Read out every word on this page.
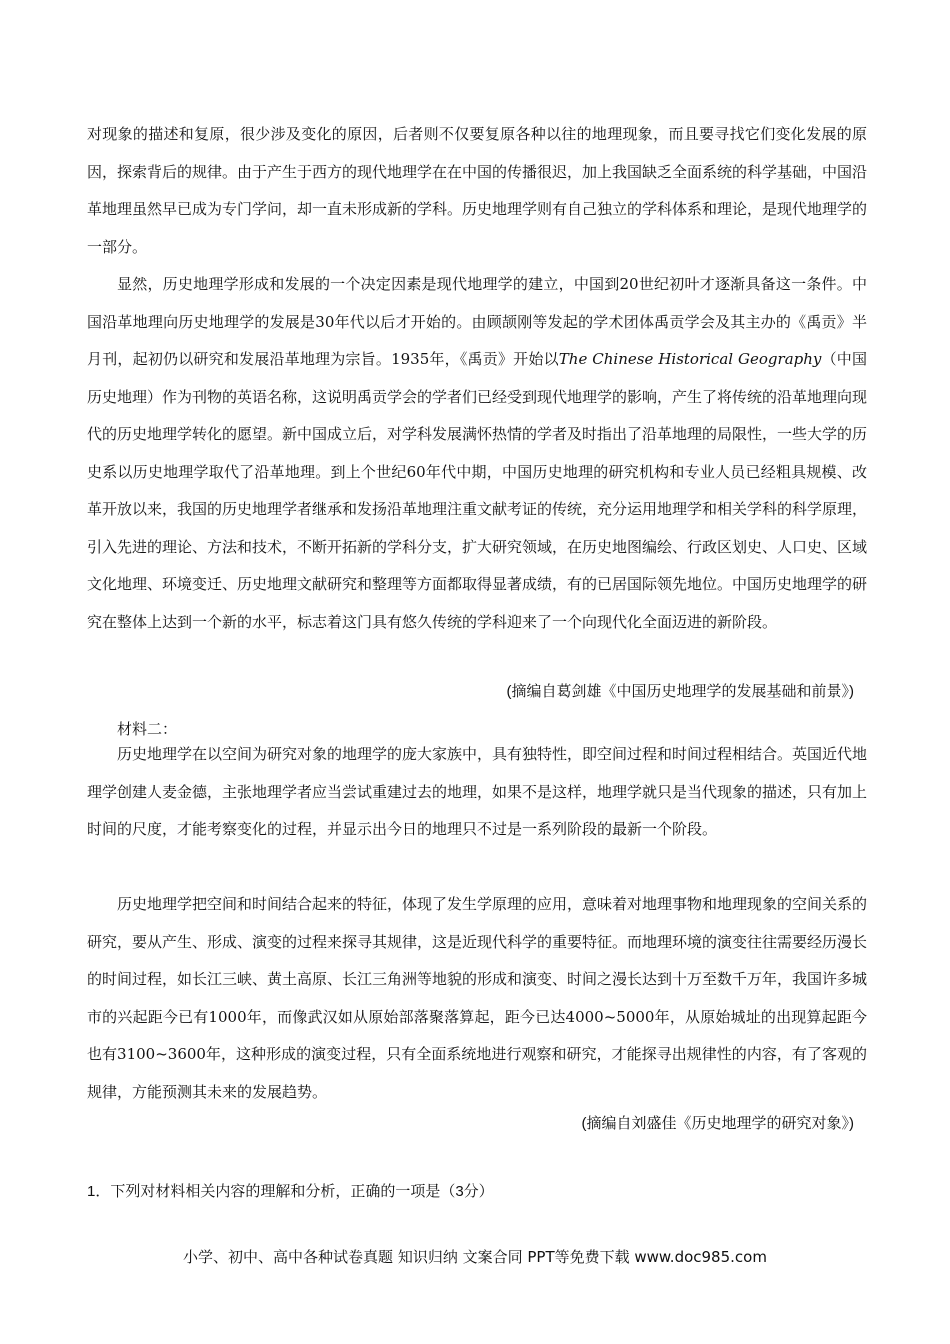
对现象的描述和复原，很少涉及变化的原因，后者则不仅要复原各种以往的地理现象，而且要寻找它们变化发展的原因，探索背后的规律。由于产生于西方的现代地理学在在中国的传播很迟，加上我国缺乏全面系统的科学基础，中国沿革地理虽然早已成为专门学问，却一直未形成新的学科。历史地理学则有自己独立的学科体系和理论，是现代地理学的一部分。

显然，历史地理学形成和发展的一个决定因素是现代地理学的建立，中国到20世纪初叶才逐渐具备这一条件。中国沿革地理向历史地理学的发展是30年代以后才开始的。由顾颉刚等发起的学术团体禹贡学会及其主办的《禹贡》半月刊，起初仍以研究和发展沿革地理为宗旨。1935年，《禹贡》开始以The Chinese Historical Geography（中国历史地理）作为刊物的英语名称，这说明禹贡学会的学者们已经受到现代地理学的影响，产生了将传统的沿革地理向现代的历史地理学转化的愿望。新中国成立后，对学科发展满怀热情的学者及时指出了沿革地理的局限性，一些大学的历史系以历史地理学取代了沿革地理。到上个世纪60年代中期，中国历史地理的研究机构和专业人员已经粗具规模、改革开放以来，我国的历史地理学者继承和发扬沿革地理注重文献考证的传统，充分运用地理学和相关学科的科学原理，引入先进的理论、方法和技术，不断开拓新的学科分支，扩大研究领域，在历史地图编绘、行政区划史、人口史、区域文化地理、环境变迁、历史地理文献研究和整理等方面都取得显著成绩，有的已居国际领先地位。中国历史地理学的研究在整体上达到一个新的水平，标志着这门具有悠久传统的学科迎来了一个向现代化全面迈进的新阶段。

(摘编自葛剑雄《中国历史地理学的发展基础和前景》)
材料二：

历史地理学在以空间为研究对象的地理学的庞大家族中，具有独特性，即空间过程和时间过程相结合。英国近代地理学创建人麦金德，主张地理学者应当尝试重建过去的地理，如果不是这样，地理学就只是当代现象的描述，只有加上时间的尺度，才能考察变化的过程，并显示出今日的地理只不过是一系列阶段的最新一个阶段。

历史地理学把空间和时间结合起来的特征，体现了发生学原理的应用，意味着对地理事物和地理现象的空间关系的研究，要从产生、形成、演变的过程来探寻其规律，这是近现代科学的重要特征。而地理环境的演变往往需要经历漫长的时间过程，如长江三峡、黄土高原、长江三角洲等地貌的形成和演变、时间之漫长达到十万至数千万年，我国许多城市的兴起距今已有1000年，而像武汉如从原始部落聚落算起，距今已达4000~5000年，从原始城址的出现算起距今也有3100~3600年，这种形成的演变过程，只有全面系统地进行观察和研究，才能探寻出规律性的内容，有了客观的规律，方能预测其未来的发展趋势。

(摘编自刘盛佳《历史地理学的研究对象》)
1．下列对材料相关内容的理解和分析，正确的一项是（3分）
小学、初中、高中各种试卷真题 知识归纳 文案合同 PPT等免费下载 www.doc985.com
